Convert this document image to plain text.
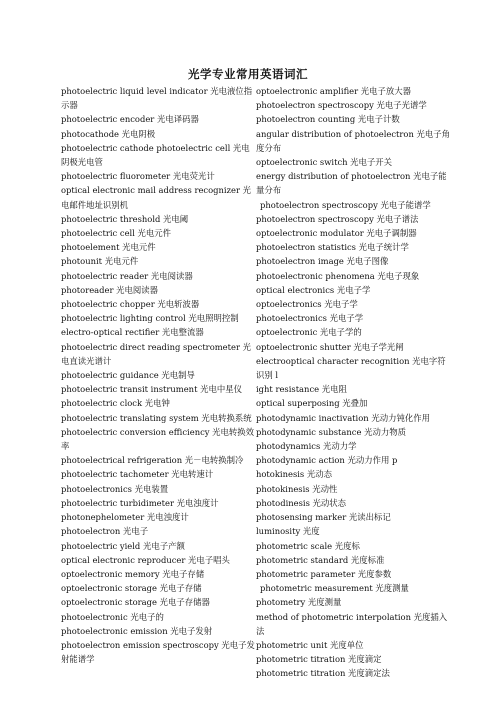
光学专业常用英语词汇

photoelectric liquid level indicator 光电液位指示器

photoelectric encoder 光电译码器

photocathode 光电阴极

photoelectric cathode photoelectric cell 光电阴极光电管

photoelectric fluorometer 光电荧光计

optical electronic mail address recognizer 光电邮件地址识别机

photoelectric threshold 光电阈

photoelectric cell 光电元件

photoelement 光电元件

photounit 光电元件

photoelectric reader 光电阅读器

photoreader 光电阅读器

photoelectric chopper 光电斩波器

photoelectric lighting control 光电照明控制

electro-optical rectifier 光电整流器

photoelectric direct reading spectrometer 光电直读光谱计

photoelectric guidance 光电制导

photoelectric transit instrument 光电中星仪

photoelectric clock 光电钟

photoelectric translating system 光电转换系统

photoelectric conversion efficiency 光电转换效率

photoelectrical refrigeration 光－电转换制冷

photoelectric tachometer 光电转速计

photoelectronics 光电装置

photoelectric turbidimeter 光电浊度计

photonephelometer 光电浊度计

photoelectron 光电子

photoelectric yield 光电子产额

optical electronic reproducer 光电子唱头

optoelectronic memory 光电子存储

optoelectronic storage 光电子存储

optoelectronic storage 光电子存储器

photoelectronic 光电子的

photoelectronic emission 光电子发射

photoelectron emission spectroscopy 光电子发射能谱学

optoelectronic amplifier 光电子放大器

photoelectron spectroscopy 光电子光谱学

photoelectron counting 光电子计数

angular distribution of photoelectron 光电子角度分布

optoelectronic switch 光电子开关

energy distribution of photoelectron 光电子能量分布

photoelectron spectroscopy 光电子能谱学

photoelectron spectroscopy 光电子谱法

optoelectronic modulator 光电子调制器

photoelectron statistics 光电子统计学

photoelectron image 光电子图像

photoelectronic phenomena 光电子现象

optical electronics 光电子学

optoelectronics 光电子学

photoelectronics 光电子学

optoelectronic 光电子学的

optoelectronic shutter 光电子学光闸

electrooptical character recognition 光电字符识别 l

ight resistance 光电阻

optical superposing 光叠加

photodynamic inactivation 光动力钝化作用

photodynamic substance 光动力物质

photodynamics 光动力学

photodynamic action 光动力作用 p

hotokinesis 光动态

photokinesis 光动性

photodinesis 光动状态

photosensing marker 光读出标记

luminosity 光度

photometric scale 光度标

photometric standard 光度标准

photometric parameter 光度参数

photometric measurement 光度测量

photometry 光度测量

method of photometric interpolation 光度插入法

photometric unit 光度单位

photometric titration 光度滴定

photometric titration 光度滴定法
